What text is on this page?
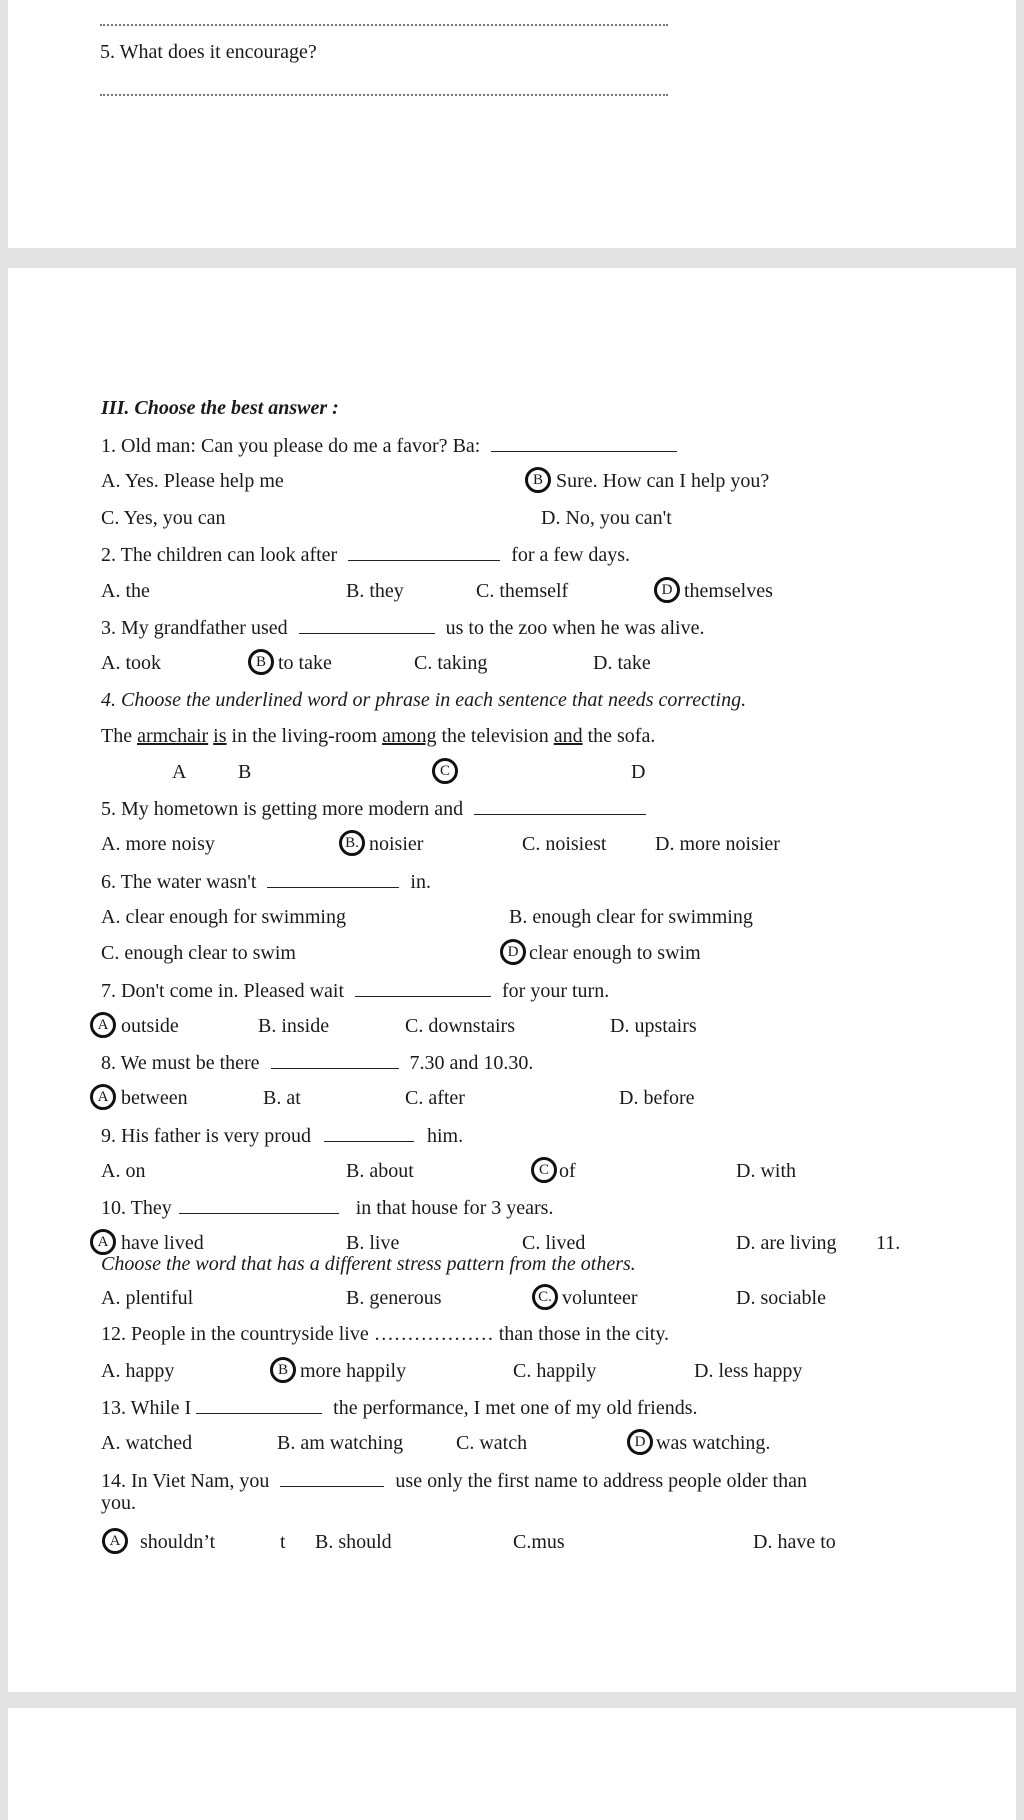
5. What does it encourage?
III. Choose the best answer :
1. Old man: Can you please do me a favor? Ba:
A. Yes. Please help me	B Sure. How can I help you?
C. Yes, you can	D. No, you can't
2. The children can look after	for a few days.
A. the	B. they	C. themself	D themselves
3. My grandfather used	us to the zoo when he was alive.
A. took	B to take	C. taking	D. take
4. Choose the underlined word or phrase in each sentence that needs correcting.
The armchair is in the living-room among the television and the sofa.
A	B	C	D
5. My hometown is getting more modern and
A. more noisy	B. noisier	C. noisiest D. more noisier
6. The water wasn't	in.
A. clear enough for swimming	B. enough clear for swimming
C. enough clear to swim	D clear enough to swim
7. Don't come in. Pleased wait	for your turn.
A outside	B. inside	C. downstairs	D. upstairs
8. We must be there	7.30 and 10.30.
A between	B. at	C. after	D. before
9. His father is very proud	him.
A. on	B. about	C of	D. with
10. They	in that house for 3 years.
A have lived	B. live	C. lived	D. are living 11.
Choose the word that has a different stress pattern from the others.
A. plentiful	B. generous	C. volunteer	D. sociable
12. People in the countryside live ……………… than those in the city.
A. happy	B more happily	C. happily	D. less happy
13. While I	the performance, I met one of my old friends.
A. watched	B. am watching	C. watch	D was watching.
14. In Viet Nam, you	use only the first name to address people older than
you.
A shouldn’t	t B. should	C.mus	D. have to
